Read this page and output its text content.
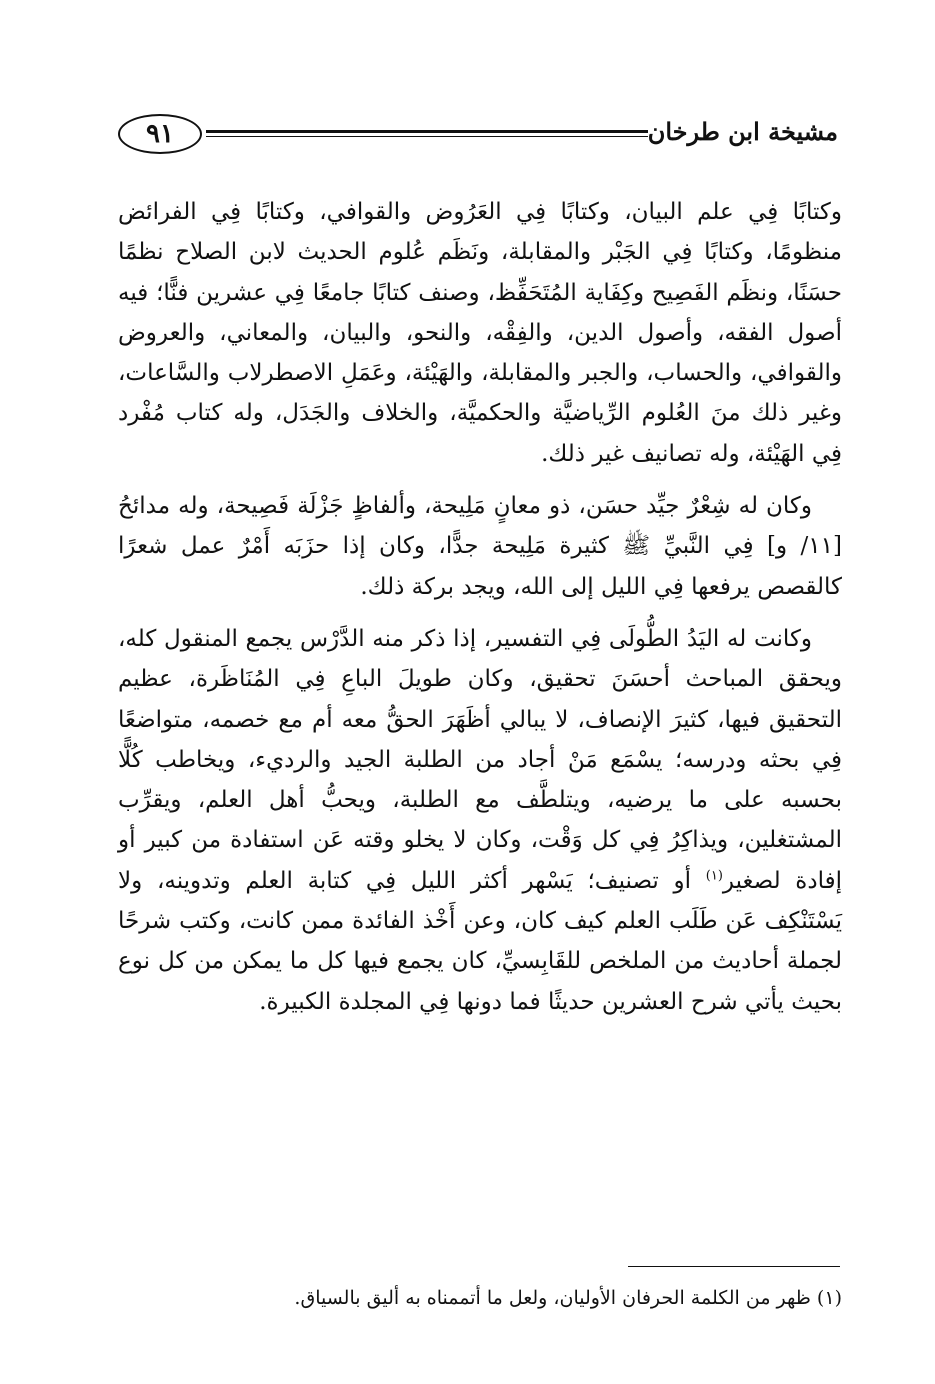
مشيخة ابن طرخان
٩١

وكتابًا فِي علم البيان، وكتابًا فِي العَرُوض والقوافي، وكتابًا فِي الفرائض منظومًا، وكتابًا فِي الجَبْر والمقابلة، ونَظَم عُلوم الحديث لابن الصلاح نظمًا حسَنًا، ونظَم الفَصِيح وكِفَاية المُتَحَفِّظ، وصنف كتابًا جامعًا فِي عشرين فنًّا؛ فيه أصول الفقه، وأصول الدين، والفِقْه، والنحو، والبيان، والمعاني، والعروض والقوافي، والحساب، والجبر والمقابلة، والهَيْئة، وعَمَلِ الاصطرلاب والسَّاعات، وغير ذلك منَ العُلوم الرِّياضيَّة والحكميَّة، والخلاف والجَدَل، وله كتاب مُفْرد فِي الهَيْئة، وله تصانيف غير ذلك.

وكان له شِعْرٌ جيِّد حسَن، ذو معانٍ مَلِيحة، وألفاظٍ جَزْلَة فَصِيحة، وله مدائحُ [١١/ و] فِي النَّبيِّ ﷺ كثيرة مَلِيحة جدًّا، وكان إذا حزَبَه أَمْرٌ عمل شعرًا كالقصص يرفعها فِي الليل إلى الله، ويجد بركة ذلك.

وكانت له اليَدُ الطُّولَى فِي التفسير، إذا ذكر منه الدَّرْس يجمع المنقول كله، ويحقق المباحث أحسَنَ تحقيق، وكان طويلَ الباعِ فِي المُنَاظَرة، عظيم التحقيق فيها، كثيرَ الإنصاف، لا يبالي أظَهَرَ الحقُّ معه أم مع خصمه، متواضعًا فِي بحثه ودرسه؛ يسْمَع مَنْ أجاد من الطلبة الجيد والرديء، ويخاطب كُلًّا بحسبه على ما يرضيه، ويتلطَّف مع الطلبة، ويحبُّ أهل العلم، ويقرِّب المشتغلين، ويذاكِرُ فِي كل وَقْت، وكان لا يخلو وقته عَن استفادة من كبير أو إفادة لصغير$^{(١)}$ أو تصنيف؛ يَسْهر أكثر الليل فِي كتابة العلم وتدوينه، ولا يَسْتَنْكِف عَن طَلَب العلم كيف كان، وعن أَخْذ الفائدة ممن كانت، وكتب شرحًا لجملة أحاديث من الملخص للقَابِسيِّ، كان يجمع فيها كل ما يمكن من كل نوع بحيث يأتي شرح العشرين حديثًا فما دونها فِي المجلدة الكبيرة.

(١) ظهر من الكلمة الحرفان الأوليان، ولعل ما أتممناه به أليق بالسياق.
